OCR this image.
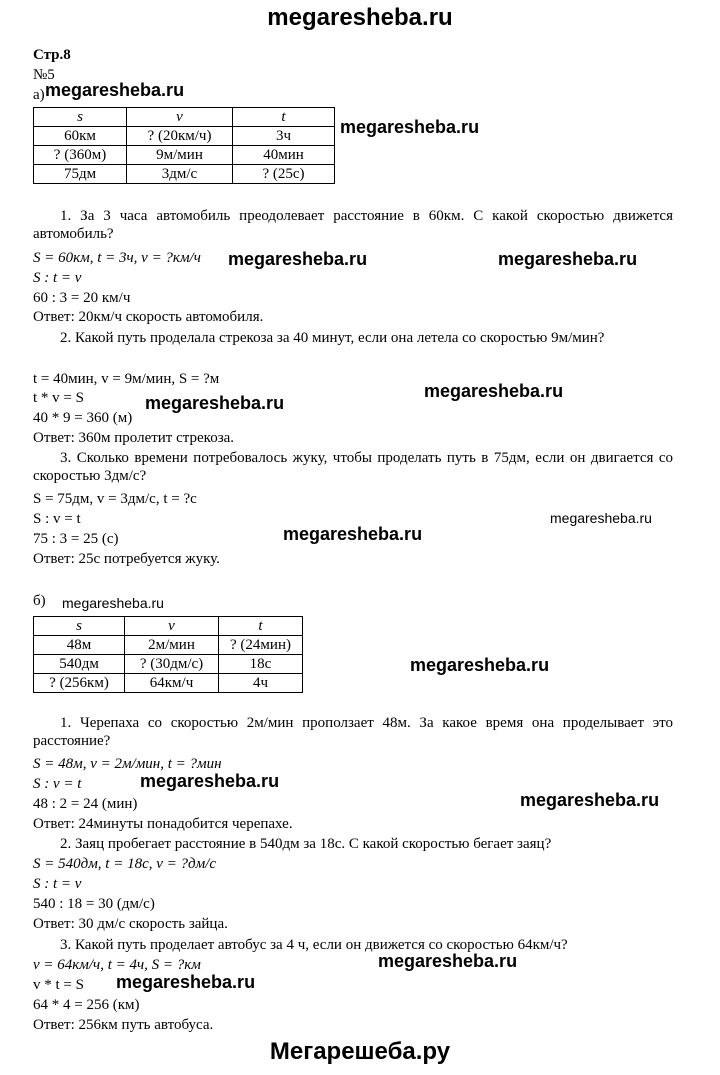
megaresheba.ru
Стр.8
№5
а) megaresheba.ru
s	v	t
60км	? (20км/ч)	3ч
? (360м)	9м/мин	40мин
75дм	3дм/с	? (25с)
megaresheba.ru
1. За 3 часа автомобиль преодолевает расстояние в 60км. С какой скоростью движется автомобиль?
S = 60км, t = 3ч, v = ?км/ч megaresheba.ru	megaresheba.ru
S : t = v
60 : 3 = 20 км/ч
Ответ: 20км/ч скорость автомобиля.
2. Какой путь проделала стрекоза за 40 минут, если она летела со скоростью 9м/мин?
t = 40мин, v = 9м/мин, S = ?м
megaresheba.ru
t * v = S	megaresheba.ru
40 * 9 = 360 (м)
Ответ: 360м пролетит стрекоза.
3. Сколько времени потребовалось жуку, чтобы проделать путь в 75дм, если он двигается со скоростью 3дм/с?
S = 75дм, v = 3дм/с, t = ?с
S : v = t	megaresheba.ru
megaresheba.ru
75 : 3 = 25 (с)
Ответ: 25с потребуется жуку.
б) megaresheba.ru
s	v	t
48м	2м/мин	? (24мин)
540дм	? (30дм/с)	18с
? (256км)	64км/ч	4ч
megaresheba.ru
1. Черепаха со скоростью 2м/мин проползает 48м. За какое время она проделывает это расстояние?
S = 48м, v = 2м/мин, t = ?мин
S : v = t	megaresheba.ru
48 : 2 = 24 (мин)	megaresheba.ru
Ответ: 24минуты понадобится черепахе.
2. Заяц пробегает расстояние в 540дм за 18с. С какой скоростью бегает заяц?
S = 540дм, t = 18с, v = ?дм/с
S : t = v
540 : 18 = 30 (дм/с)
Ответ: 30 дм/с скорость зайца.
3. Какой путь проделает автобус за 4 ч, если он движется со скоростью 64км/ч?
v = 64км/ч, t = 4ч, S = ?км	megaresheba.ru
v * t = S megaresheba.ru
64 * 4 = 256 (км)
Ответ: 256км путь автобуса.
Мегарешеба.ру
